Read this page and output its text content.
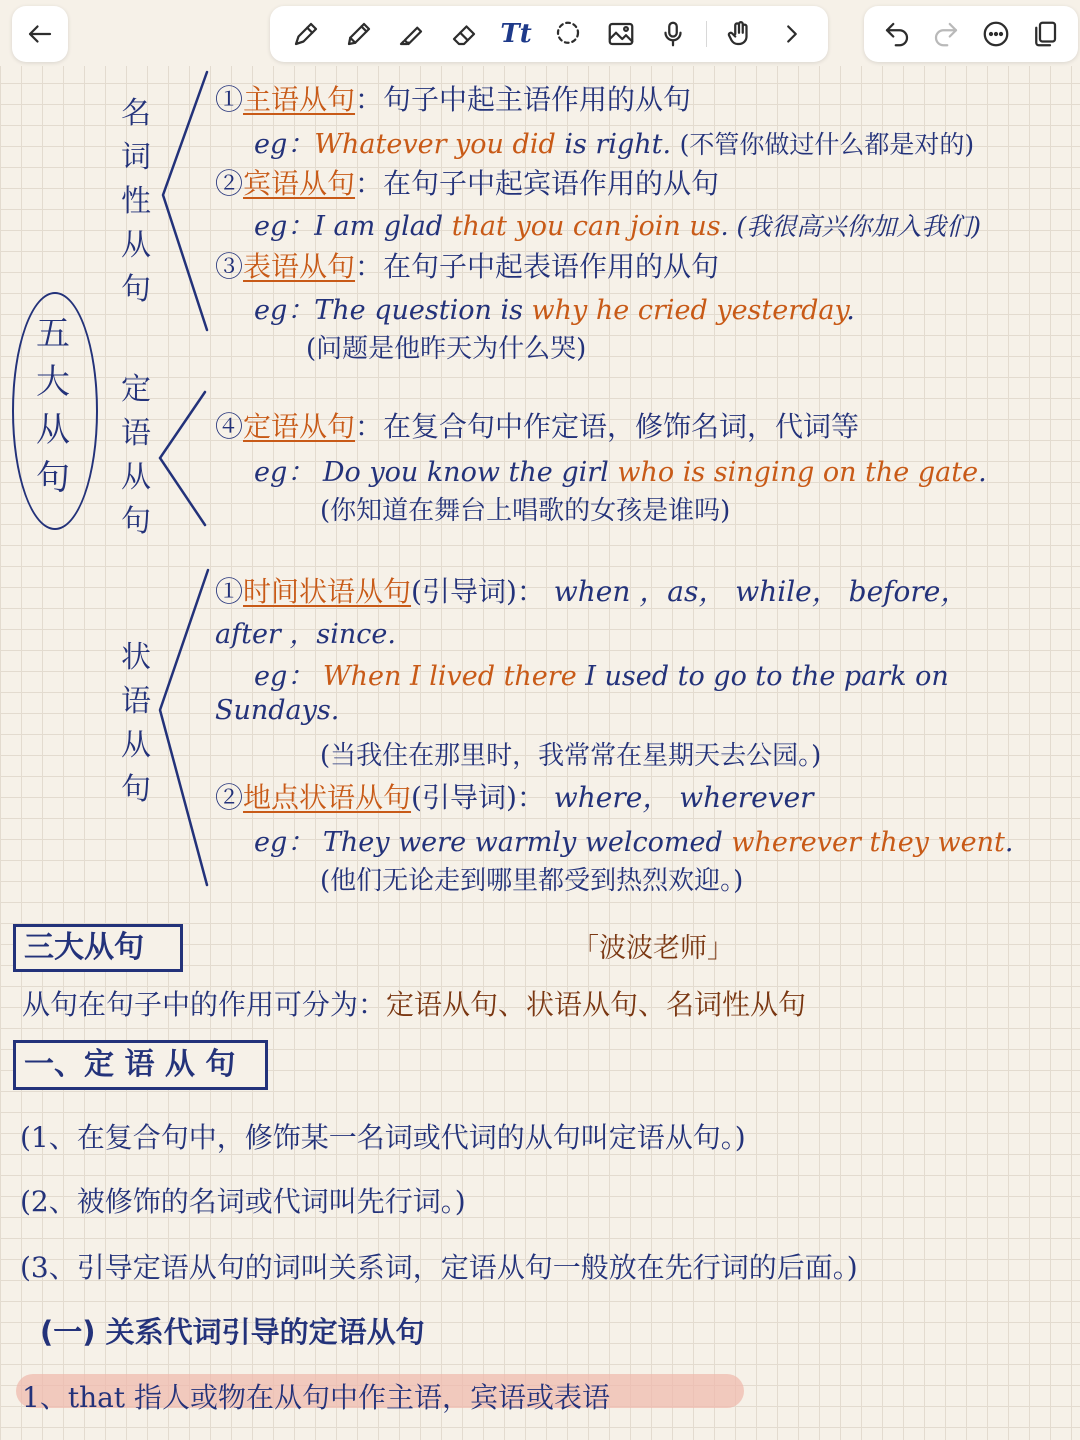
Tt
五大从句
名词性从句
定语从句
状语从句
①主语从句：句子中起主语作用的从句
eg：Whatever you did is right. (不管你做过什么都是对的)
②宾语从句：在句子中起宾语作用的从句
eg：I am glad that you can join us. (我很高兴你加入我们)
③表语从句：在句子中起表语作用的从句
eg：The question is why he cried yesterday.
(问题是他昨天为什么哭)
④定语从句：在复合句中作定语，修饰名词，代词等
eg： Do you know the girl who is singing on the gate.
(你知道在舞台上唱歌的女孩是谁吗)
①时间状语从句(引导词)： when ，as， while， before，
after ，since.
eg： When I lived there I used to go to the park on
Sundays.
(当我住在那里时，我常常在星期天去公园。)
②地点状语从句(引导词)： where， wherever
eg： They were warmly welcomed wherever they went.
(他们无论走到哪里都受到热烈欢迎。)
三大从句	「波波老师」
从句在句子中的作用可分为：定语从句、状语从句、名词性从句
一、定 语 从 句
(1、在复合句中，修饰某一名词或代词的从句叫定语从句。)
(2、被修饰的名词或代词叫先行词。)
(3、引导定语从句的词叫关系词，定语从句一般放在先行词的后面。)
(一) 关系代词引导的定语从句
1、that 指人或物在从句中作主语，宾语或表语
